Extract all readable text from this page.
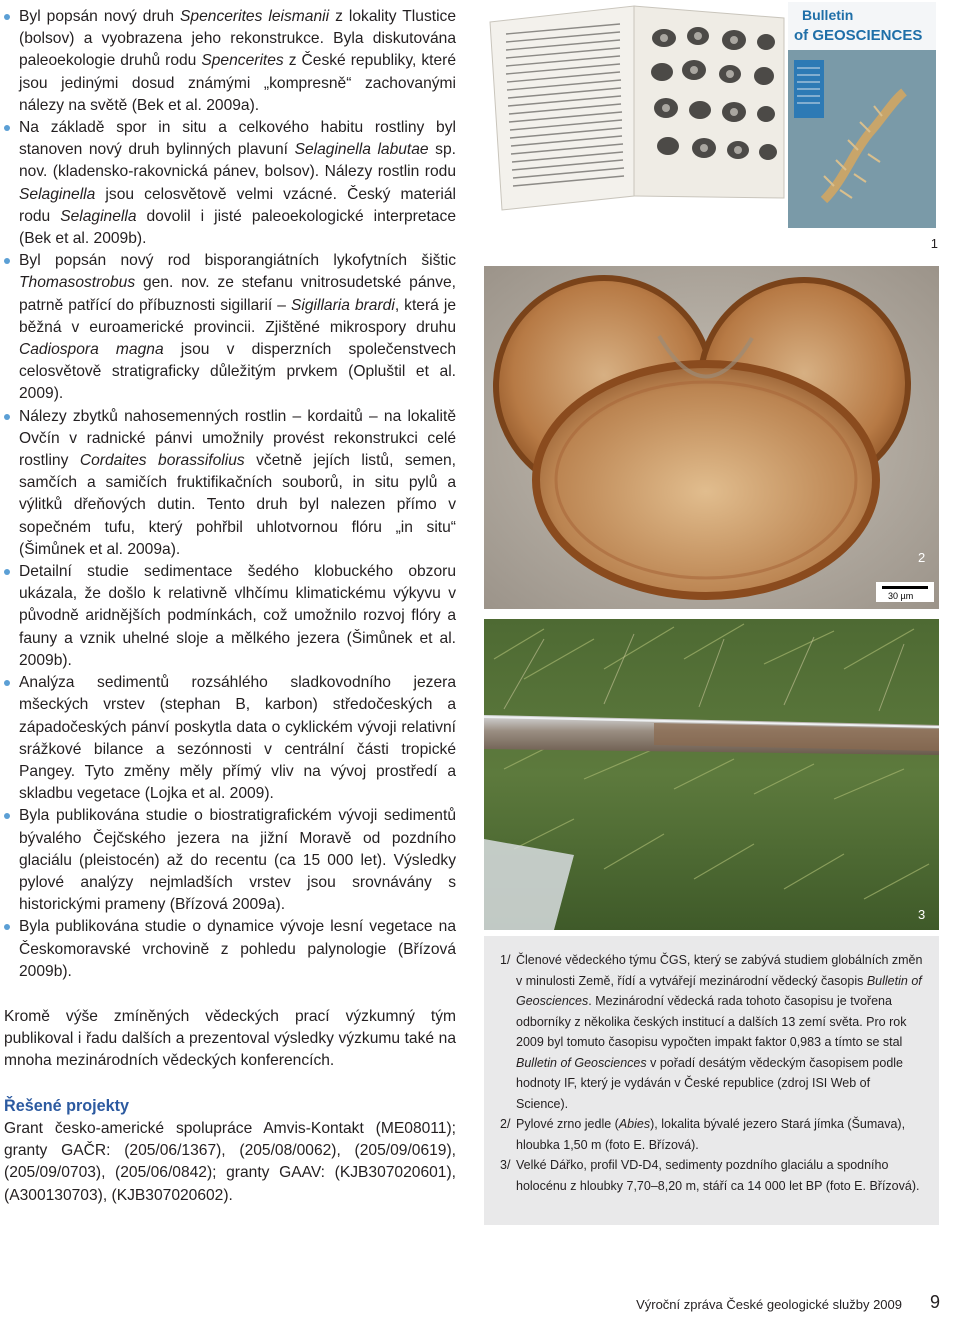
Byl popsán nový druh Spencerites leismanii z lokality Tlustice (bolsov) a vyobrazena jeho rekonstrukce. Byla diskutována paleoekologie druhů rodu Spencerites z České republiky, které jsou jedinými dosud známými „kompresně“ zachovanými nálezy na světě (Bek et al. 2009a).
Na základě spor in situ a celkového habitu rostliny byl stanoven nový druh bylinných plavuní Selaginella labutae sp. nov. (kladensko-rakovnická pánev, bolsov). Nálezy rostlin rodu Selaginella jsou celosvětově velmi vzácné. Český materiál rodu Selaginella dovolil i jisté paleoekologické interpretace (Bek et al. 2009b).
Byl popsán nový rod bisporangiátních lykofytních šištic Thomasostrobus gen. nov. ze stefanu vnitrosudetské pánve, patrně patřící do příbuznosti sigillarií – Sigillaria brardi, která je běžná v euroamerické provincii. Zjištěné mikrospory druhu Cadiospora magna jsou v disperzních společenstvech celosvětově stratigraficky důležitým prvkem (Opluštil et al. 2009).
Nálezy zbytků nahosemenných rostlin – kordaitů – na lokalitě Ovčín v radnické pánvi umožnily provést rekonstrukci celé rostliny Cordaites borassifolius včetně jejích listů, semen, samčích a samičích fruktifikačních souborů, in situ pylů a výlitků dřeňových dutin. Tento druh byl nalezen přímo v sopečném tufu, který pohřbil uhlotvornou flóru „in situ“ (Šimůnek et al. 2009a).
Detailní studie sedimentace šedého klobuckého obzoru ukázala, že došlo k relativně vlhčímu klimatickému výkyvu v původně aridnějších podmínkách, což umožnilo rozvoj flóry a fauny a vznik uhelné sloje a mělkého jezera (Šimůnek et al. 2009b).
Analýza sedimentů rozsáhlého sladkovodního jezera mšeckých vrstev (stephan B, karbon) středočeských a západočeských pánví poskytla data o cyklickém vývoji relativní srážkové bilance a sezónnosti v centrální části tropické Pangey. Tyto změny měly přímý vliv na vývoj prostředí a skladbu vegetace (Lojka et al. 2009).
Byla publikována studie o biostratigrafickém vývoji sedimentů bývalého Čejčského jezera na jižní Moravě od pozdního glaciálu (pleistocén) až do recentu (ca 15 000 let). Výsledky pylové analýzy nejmladších vrstev jsou srovnávány s historickými prameny (Břízová 2009a).
Byla publikována studie o dynamice vývoje lesní vegetace na Českomoravské vrchovině z pohledu palynologie (Břízová 2009b).

Kromě výše zmíněných vědeckých prací výzkumný tým publikoval i řadu dalších a prezentoval výsledky výzkumu také na mnoha mezinárodních vědeckých konferencích.

Řešené projekty

Grant česko-americké spolupráce Amvis-Kontakt (ME08011); granty GAČR: (205/06/1367), (205/08/0062), (205/09/0619), (205/09/0703), (205/06/0842); granty GAAV: (KJB307020601), (A300130703), (KJB307020602).

Bulletin
of GEOSCIENCES
1
30 µm
2
3
1/ Členové vědeckého týmu ČGS, který se zabývá studiem globálních změn v minulosti Země, řídí a vytvářejí mezinárodní vědecký časopis Bulletin of Geosciences. Mezinárodní vědecká rada tohoto časopisu je tvořena odborníky z několika českých institucí a dalších 13 zemí světa. Pro rok 2009 byl tomuto časopisu vypočten impakt faktor 0,983 a tímto se stal Bulletin of Geosciences v pořadí desátým vědeckým časopisem podle hodnoty IF, který je vydáván v České republice (zdroj ISI Web of Science).
2/ Pylové zrno jedle (Abies), lokalita bývalé jezero Stará jímka (Šumava), hloubka 1,50 m (foto E. Břízová).
3/ Velké Dářko, profil VD-D4, sedimenty pozdního glaciálu a spodního holocénu z hloubky 7,70–8,20 m, stáří ca 14 000 let BP (foto E. Břízová).
Výroční zpráva České geologické služby 2009 9
